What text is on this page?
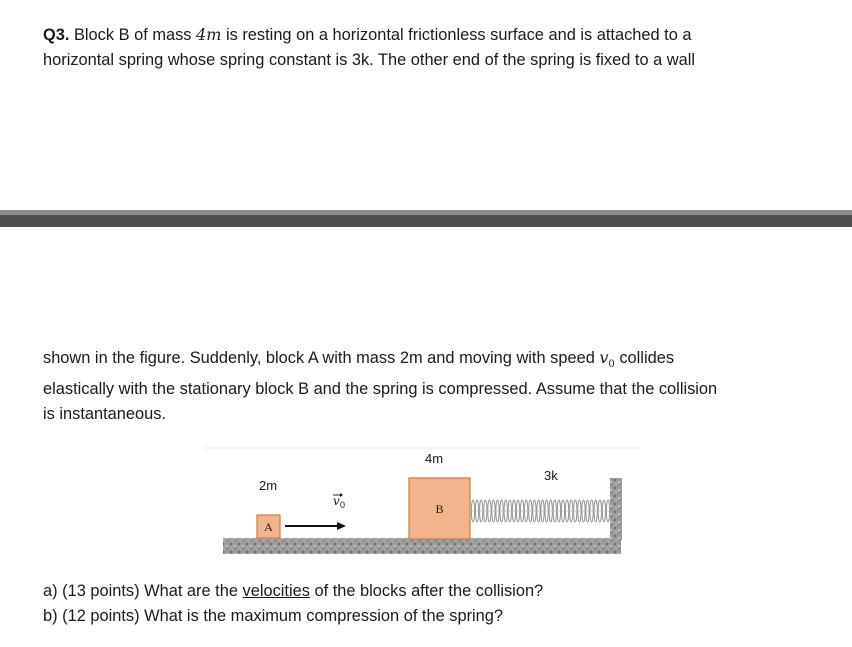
Q3. Block B of mass 4m is resting on a horizontal frictionless surface and is attached to a
horizontal spring whose spring constant is 3k. The other end of the spring is fixed to a wall
shown in the figure. Suddenly, block A with mass 2m and moving with speed $v_0$ collides
elastically with the stationary block B and the spring is compressed. Assume that the collision
is instantaneous.
B
A
2m
v 0
4m
3k
a) (13 points) What are the velocities of the blocks after the collision?
b) (12 points) What is the maximum compression of the spring?
